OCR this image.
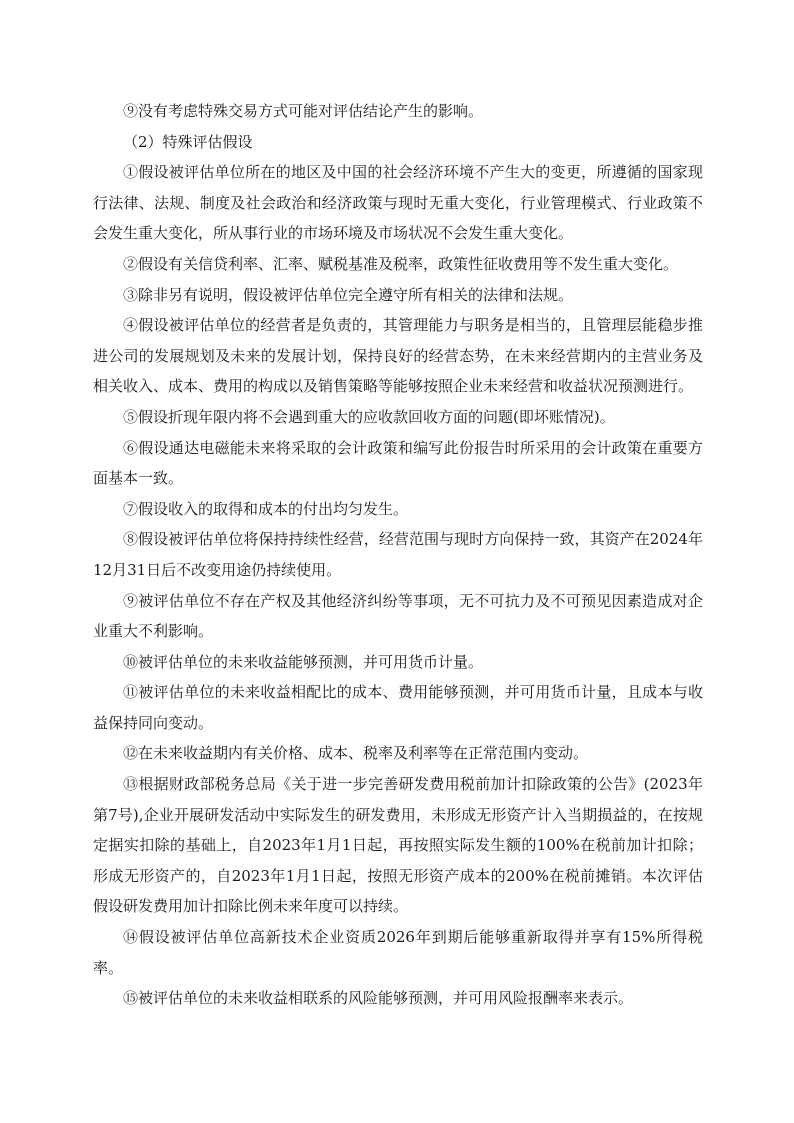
⑨没有考虑特殊交易方式可能对评估结论产生的影响。

（2）特殊评估假设

①假设被评估单位所在的地区及中国的社会经济环境不产生大的变更，所遵循的国家现行法律、法规、制度及社会政治和经济政策与现时无重大变化，行业管理模式、行业政策不会发生重大变化，所从事行业的市场环境及市场状况不会发生重大变化。

②假设有关信贷利率、汇率、赋税基准及税率，政策性征收费用等不发生重大变化。

③除非另有说明，假设被评估单位完全遵守所有相关的法律和法规。

④假设被评估单位的经营者是负责的，其管理能力与职务是相当的，且管理层能稳步推进公司的发展规划及未来的发展计划，保持良好的经营态势，在未来经营期内的主营业务及相关收入、成本、费用的构成以及销售策略等能够按照企业未来经营和收益状况预测进行。

⑤假设折现年限内将不会遇到重大的应收款回收方面的问题(即坏账情况)。

⑥假设通达电磁能未来将采取的会计政策和编写此份报告时所采用的会计政策在重要方面基本一致。

⑦假设收入的取得和成本的付出均匀发生。

⑧假设被评估单位将保持持续性经营，经营范围与现时方向保持一致，其资产在2024年12月31日后不改变用途仍持续使用。

⑨被评估单位不存在产权及其他经济纠纷等事项，无不可抗力及不可预见因素造成对企业重大不利影响。

⑩被评估单位的未来收益能够预测，并可用货币计量。

⑪被评估单位的未来收益相配比的成本、费用能够预测，并可用货币计量，且成本与收益保持同向变动。

⑫在未来收益期内有关价格、成本、税率及利率等在正常范围内变动。

⑬根据财政部税务总局《关于进一步完善研发费用税前加计扣除政策的公告》(2023年第7号),企业开展研发活动中实际发生的研发费用，未形成无形资产计入当期损益的，在按规定据实扣除的基础上，自2023年1月1日起，再按照实际发生额的100%在税前加计扣除；形成无形资产的，自2023年1月1日起，按照无形资产成本的200%在税前摊销。本次评估假设研发费用加计扣除比例未来年度可以持续。

⑭假设被评估单位高新技术企业资质2026年到期后能够重新取得并享有15%所得税率。

⑮被评估单位的未来收益相联系的风险能够预测，并可用风险报酬率来表示。
